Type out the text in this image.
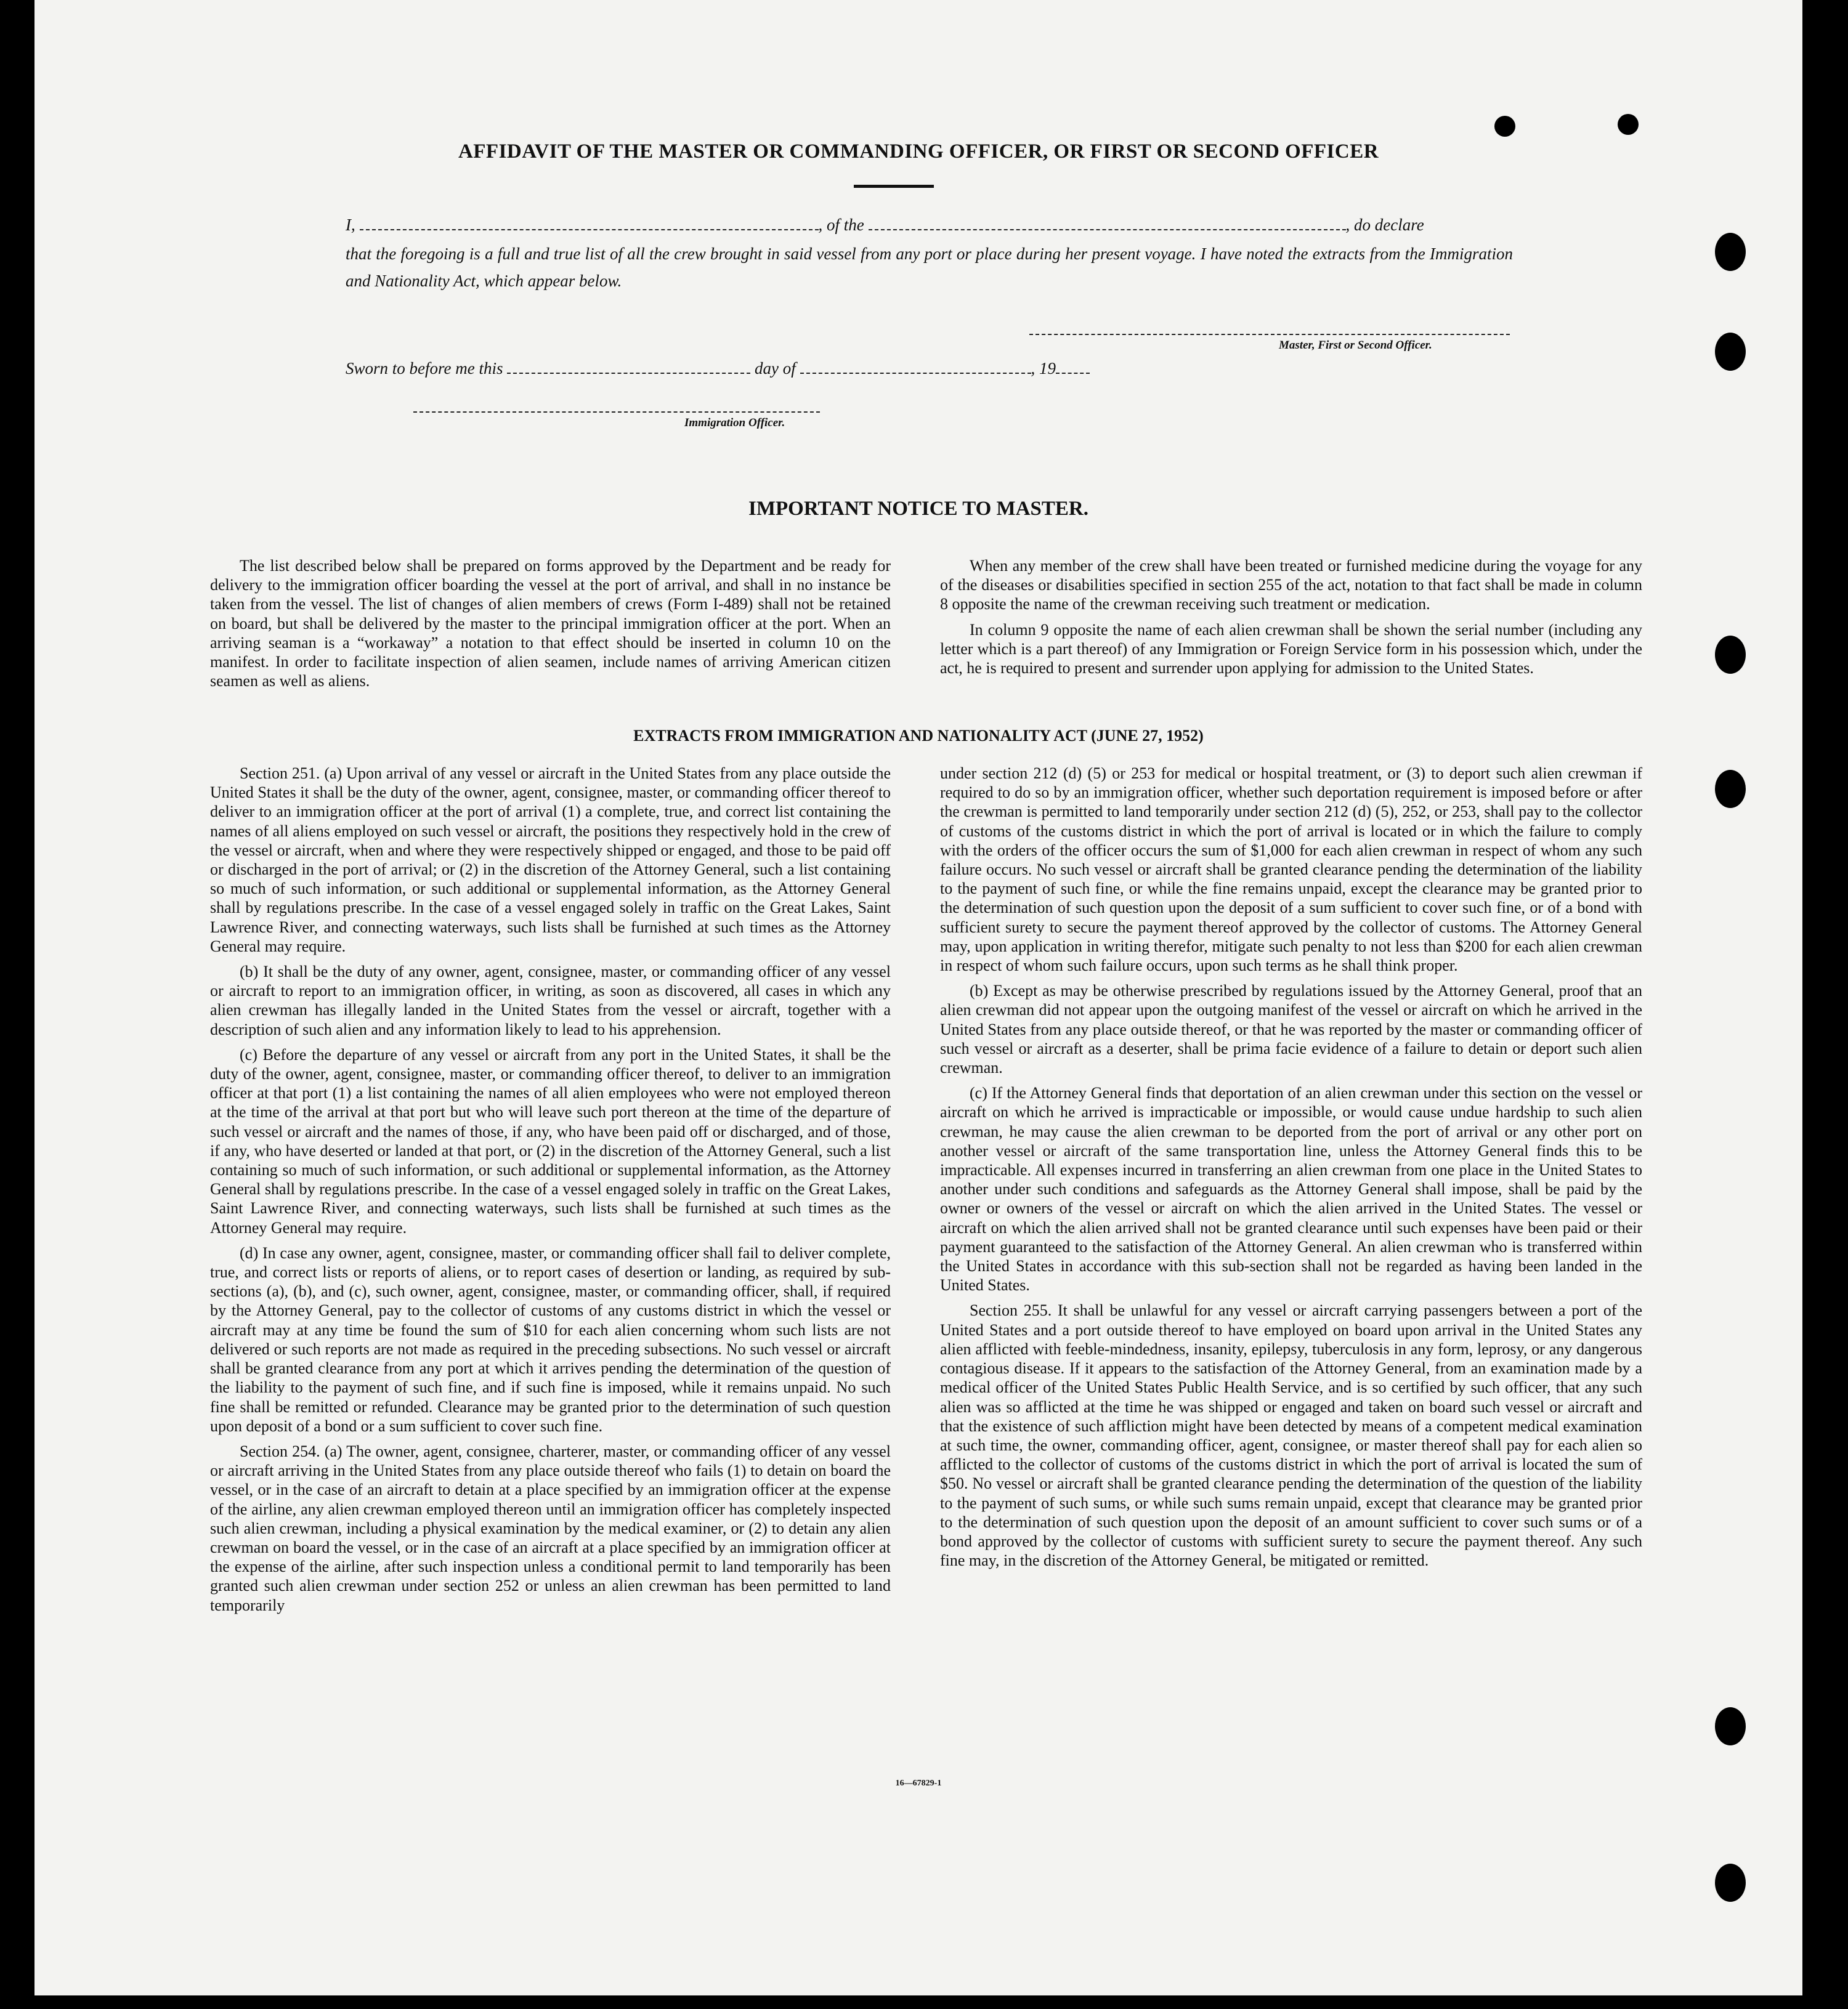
AFFIDAVIT OF THE MASTER OR COMMANDING OFFICER, OR FIRST OR SECOND OFFICER
I,	, of the	, do declare
that the foregoing is a full and true list of all the crew brought in said vessel from any port or place during her present voyage. I have noted the extracts from the Immigration and Nationality Act, which appear below.
Master, First or Second Officer.
Sworn to before me this	day of	, 19
Immigration Officer.
IMPORTANT NOTICE TO MASTER.

The list described below shall be prepared on forms approved by the Department and be ready for delivery to the immigration officer boarding the vessel at the port of arrival, and shall in no instance be taken from the vessel. The list of changes of alien members of crews (Form I-489) shall not be retained on board, but shall be delivered by the master to the principal immigration officer at the port. When an arriving seaman is a “workaway” a notation to that effect should be inserted in column 10 on the manifest. In order to facilitate inspection of alien seamen, include names of arriving American citizen seamen as well as aliens.

When any member of the crew shall have been treated or furnished medicine during the voyage for any of the diseases or disabilities specified in section 255 of the act, notation to that fact shall be made in column 8 opposite the name of the crewman receiving such treatment or medication.

In column 9 opposite the name of each alien crewman shall be shown the serial number (including any letter which is a part thereof) of any Immigration or Foreign Service form in his possession which, under the act, he is required to present and surrender upon applying for admission to the United States.

EXTRACTS FROM IMMIGRATION AND NATIONALITY ACT (JUNE 27, 1952)

Section 251. (a) Upon arrival of any vessel or aircraft in the United States from any place outside the United States it shall be the duty of the owner, agent, consignee, master, or commanding officer thereof to deliver to an immigration officer at the port of arrival (1) a complete, true, and correct list containing the names of all aliens employed on such vessel or aircraft, the positions they respectively hold in the crew of the vessel or aircraft, when and where they were respectively shipped or engaged, and those to be paid off or discharged in the port of arrival; or (2) in the discretion of the Attorney General, such a list containing so much of such information, or such additional or supplemental information, as the Attorney General shall by regulations prescribe. In the case of a vessel engaged solely in traffic on the Great Lakes, Saint Lawrence River, and connecting waterways, such lists shall be furnished at such times as the Attorney General may require.

(b) It shall be the duty of any owner, agent, consignee, master, or commanding officer of any vessel or aircraft to report to an immigration officer, in writing, as soon as discovered, all cases in which any alien crewman has illegally landed in the United States from the vessel or aircraft, together with a description of such alien and any information likely to lead to his apprehension.

(c) Before the departure of any vessel or aircraft from any port in the United States, it shall be the duty of the owner, agent, consignee, master, or commanding officer thereof, to deliver to an immigration officer at that port (1) a list containing the names of all alien employees who were not employed thereon at the time of the arrival at that port but who will leave such port thereon at the time of the departure of such vessel or aircraft and the names of those, if any, who have been paid off or discharged, and of those, if any, who have deserted or landed at that port, or (2) in the discretion of the Attorney General, such a list containing so much of such information, or such additional or supplemental information, as the Attorney General shall by regulations prescribe. In the case of a vessel engaged solely in traffic on the Great Lakes, Saint Lawrence River, and connecting waterways, such lists shall be furnished at such times as the Attorney General may require.

(d) In case any owner, agent, consignee, master, or commanding officer shall fail to deliver complete, true, and correct lists or reports of aliens, or to report cases of desertion or landing, as required by sub-sections (a), (b), and (c), such owner, agent, consignee, master, or commanding officer, shall, if required by the Attorney General, pay to the collector of customs of any customs district in which the vessel or aircraft may at any time be found the sum of $10 for each alien concerning whom such lists are not delivered or such reports are not made as required in the preceding subsections. No such vessel or aircraft shall be granted clearance from any port at which it arrives pending the determination of the question of the liability to the payment of such fine, and if such fine is imposed, while it remains unpaid. No such fine shall be remitted or refunded. Clearance may be granted prior to the determination of such question upon deposit of a bond or a sum sufficient to cover such fine.

Section 254. (a) The owner, agent, consignee, charterer, master, or commanding officer of any vessel or aircraft arriving in the United States from any place outside thereof who fails (1) to detain on board the vessel, or in the case of an aircraft to detain at a place specified by an immigration officer at the expense of the airline, any alien crewman employed thereon until an immigration officer has completely inspected such alien crewman, including a physical examination by the medical examiner, or (2) to detain any alien crewman on board the vessel, or in the case of an aircraft at a place specified by an immigration officer at the expense of the airline, after such inspection unless a conditional permit to land temporarily has been granted such alien crewman under section 252 or unless an alien crewman has been permitted to land temporarily

under section 212 (d) (5) or 253 for medical or hospital treatment, or (3) to deport such alien crewman if required to do so by an immigration officer, whether such deportation requirement is imposed before or after the crewman is permitted to land temporarily under section 212 (d) (5), 252, or 253, shall pay to the collector of customs of the customs district in which the port of arrival is located or in which the failure to comply with the orders of the officer occurs the sum of $1,000 for each alien crewman in respect of whom any such failure occurs. No such vessel or aircraft shall be granted clearance pending the determination of the liability to the payment of such fine, or while the fine remains unpaid, except the clearance may be granted prior to the determination of such question upon the deposit of a sum sufficient to cover such fine, or of a bond with sufficient surety to secure the payment thereof approved by the collector of customs. The Attorney General may, upon application in writing therefor, mitigate such penalty to not less than $200 for each alien crewman in respect of whom such failure occurs, upon such terms as he shall think proper.

(b) Except as may be otherwise prescribed by regulations issued by the Attorney General, proof that an alien crewman did not appear upon the outgoing manifest of the vessel or aircraft on which he arrived in the United States from any place outside thereof, or that he was reported by the master or commanding officer of such vessel or aircraft as a deserter, shall be prima facie evidence of a failure to detain or deport such alien crewman.

(c) If the Attorney General finds that deportation of an alien crewman under this section on the vessel or aircraft on which he arrived is impracticable or impossible, or would cause undue hardship to such alien crewman, he may cause the alien crewman to be deported from the port of arrival or any other port on another vessel or aircraft of the same transportation line, unless the Attorney General finds this to be impracticable. All expenses incurred in transferring an alien crewman from one place in the United States to another under such conditions and safeguards as the Attorney General shall impose, shall be paid by the owner or owners of the vessel or aircraft on which the alien arrived in the United States. The vessel or aircraft on which the alien arrived shall not be granted clearance until such expenses have been paid or their payment guaranteed to the satisfaction of the Attorney General. An alien crewman who is transferred within the United States in accordance with this sub-section shall not be regarded as having been landed in the United States.

Section 255. It shall be unlawful for any vessel or aircraft carrying passengers between a port of the United States and a port outside thereof to have employed on board upon arrival in the United States any alien afflicted with feeble-mindedness, insanity, epilepsy, tuberculosis in any form, leprosy, or any dangerous contagious disease. If it appears to the satisfaction of the Attorney General, from an examination made by a medical officer of the United States Public Health Service, and is so certified by such officer, that any such alien was so afflicted at the time he was shipped or engaged and taken on board such vessel or aircraft and that the existence of such affliction might have been detected by means of a competent medical examination at such time, the owner, commanding officer, agent, consignee, or master thereof shall pay for each alien so afflicted to the collector of customs of the customs district in which the port of arrival is located the sum of $50. No vessel or aircraft shall be granted clearance pending the determination of the question of the liability to the payment of such sums, or while such sums remain unpaid, except that clearance may be granted prior to the determination of such question upon the deposit of an amount sufficient to cover such sums or of a bond approved by the collector of customs with sufficient surety to secure the payment thereof. Any such fine may, in the discretion of the Attorney General, be mitigated or remitted.

16—67829-1
